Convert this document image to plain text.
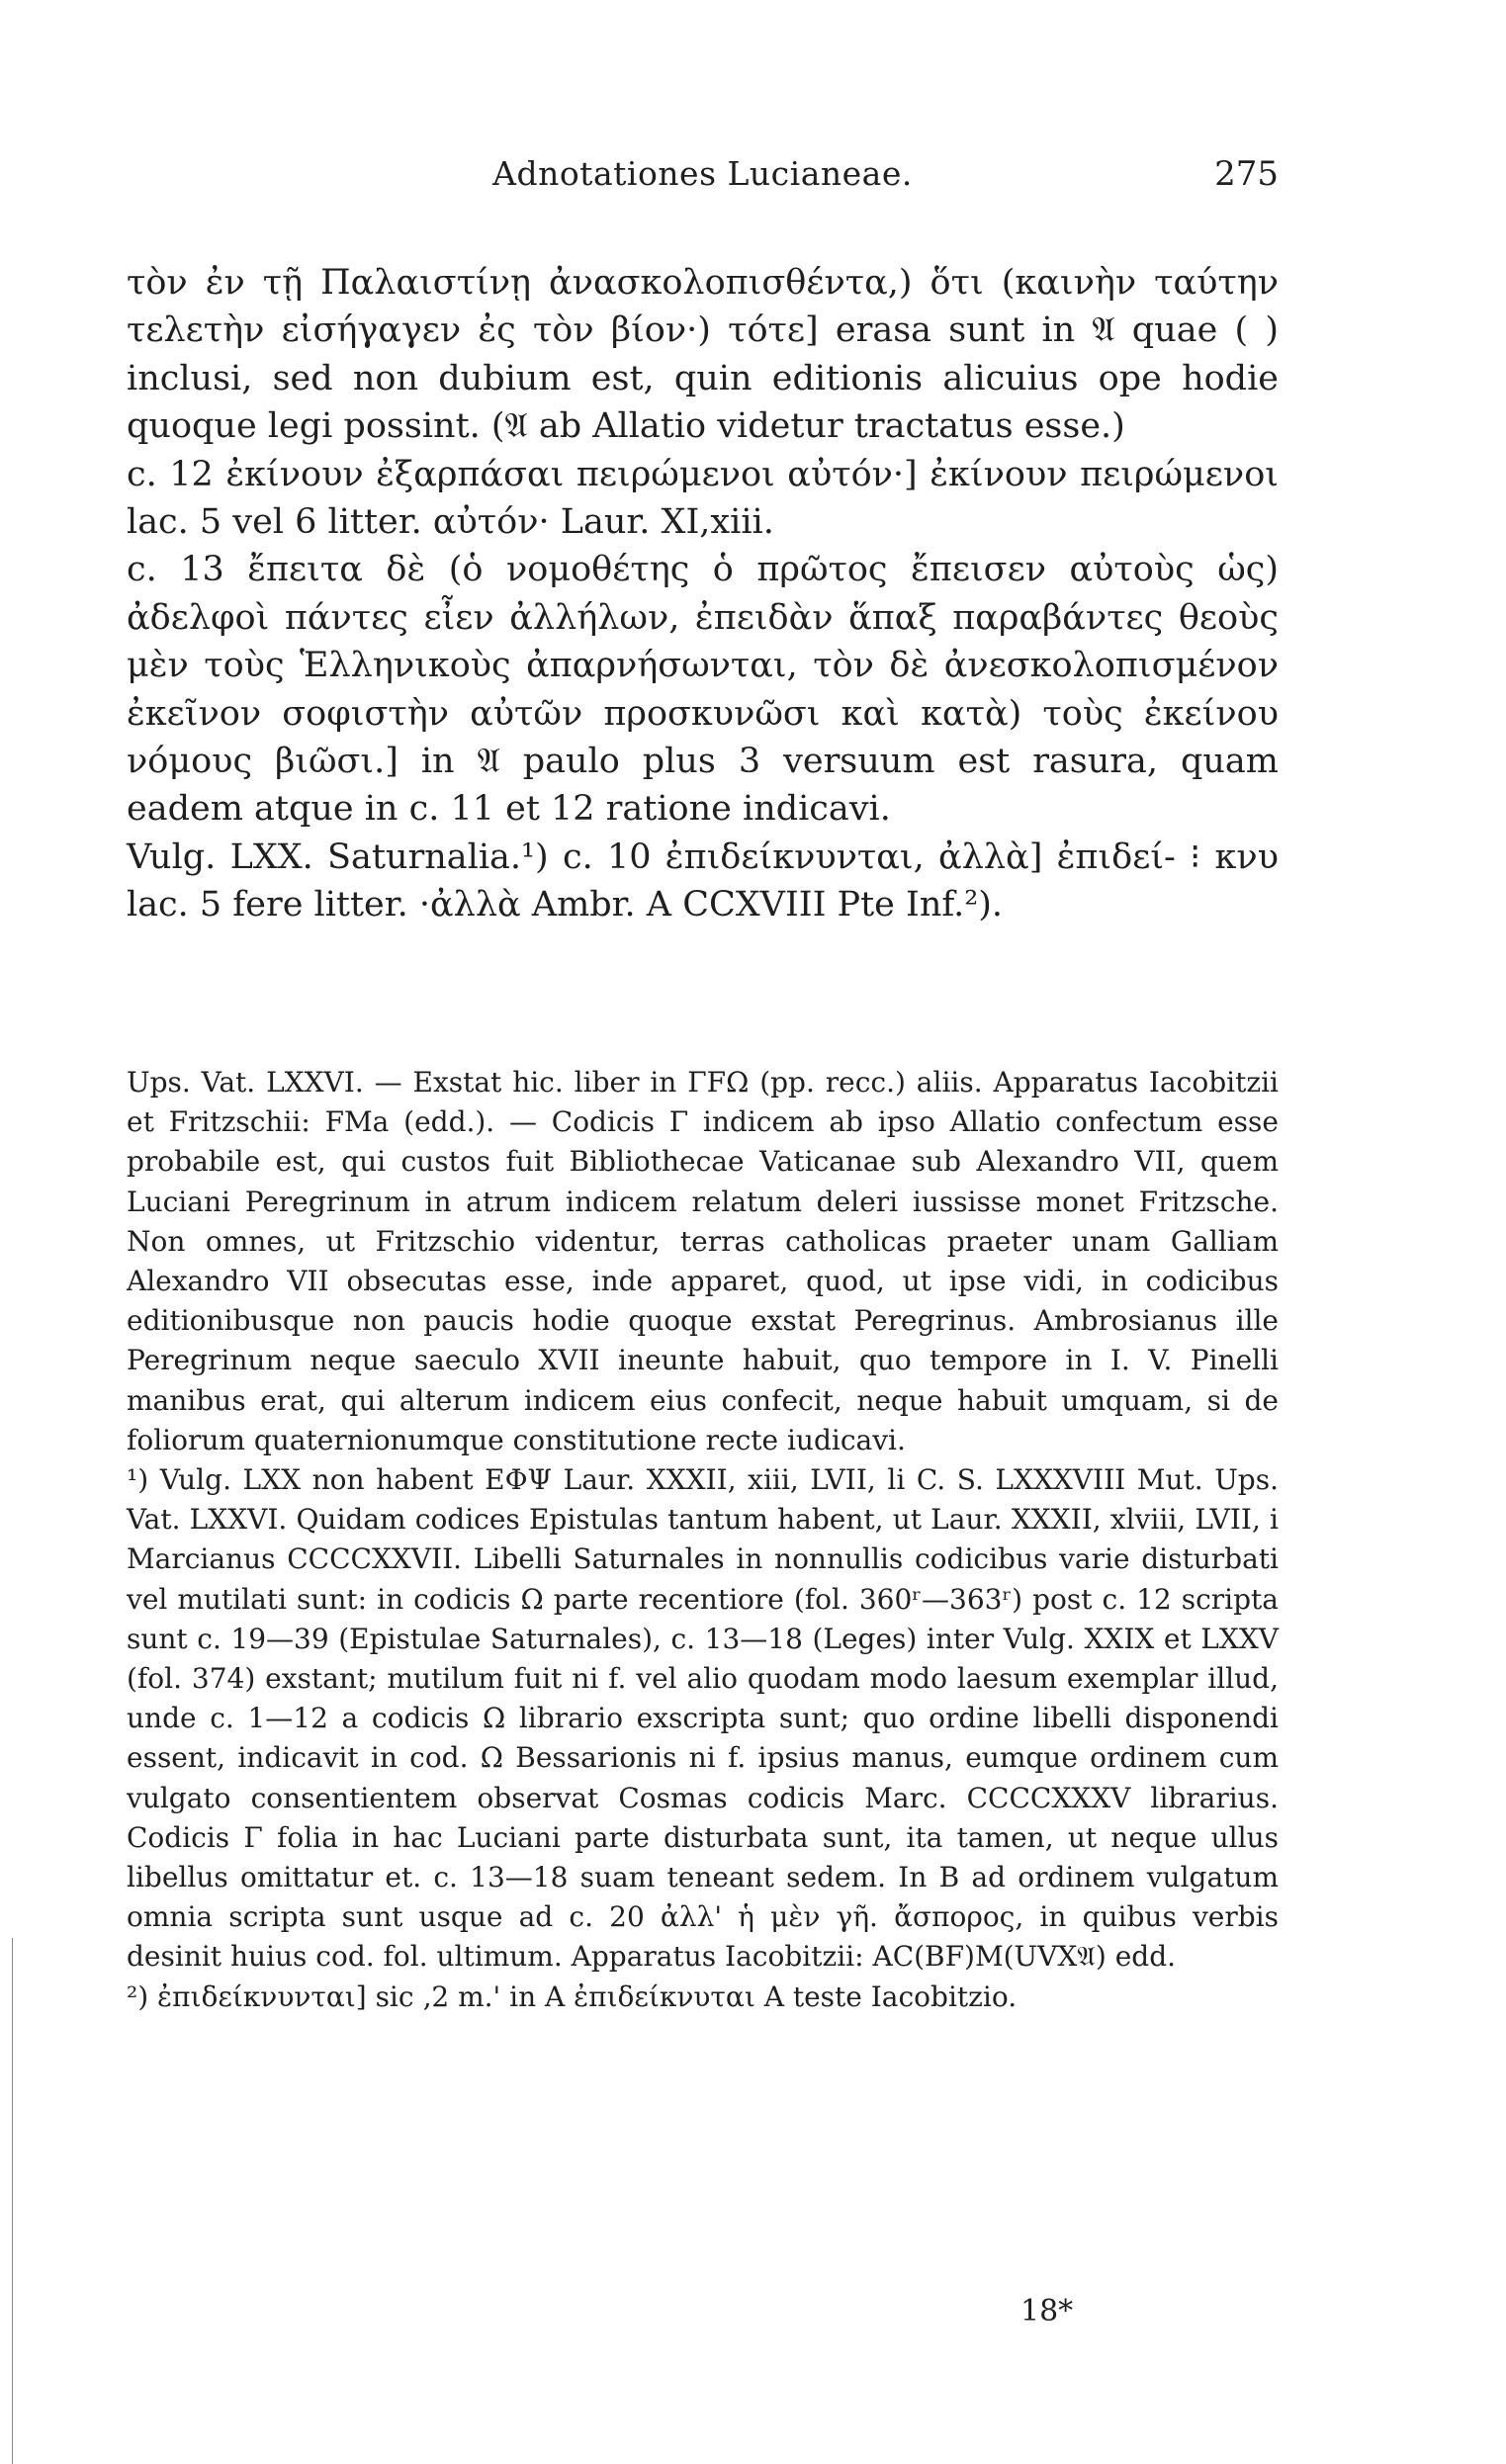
Adnotationes Lucianeae.	275

τὸν ἐν τῇ Παλαιστίνῃ ἀνασκολοπισθέντα,) ὅτι (καινὴν ταύτην τελετὴν εἰσήγαγεν ἐς τὸν βίον·) τότε] erasa sunt in 𝔄 quae ( ) inclusi, sed non dubium est, quin editionis alicuius ope hodie quoque legi possint. (𝔄 ab Allatio videtur tractatus esse.)

c. 12 ἐκίνουν ἐξαρπάσαι πειρώμενοι αὐτόν·] ἐκίνουν πειρώμενοι lac. 5 vel 6 litter. αὐτόν· Laur. XI,xiii.

c. 13 ἔπειτα δὲ (ὁ νομοθέτης ὁ πρῶτος ἔπεισεν αὐτοὺς ὡς) ἀδελφοὶ πάντες εἶεν ἀλλήλων, ἐπειδὰν ἅπαξ παραβάντες θεοὺς μὲν τοὺς Ἑλληνικοὺς ἀπαρνήσωνται, τὸν δὲ ἀνεσκολοπισμένον ἐκεῖνον σοφιστὴν αὐτῶν προσκυνῶσι καὶ κατὰ) τοὺς ἐκείνου νόμους βιῶσι.] in 𝔄 paulo plus 3 versuum est rasura, quam eadem atque in c. 11 et 12 ratione indicavi.

Vulg. LXX. Saturnalia.¹) c. 10 ἐπιδείκνυνται, ἀλλὰ] ἐπιδεί- ⁝ κνυ lac. 5 fere litter. ·ἀλλὰ Ambr. A CCXVIII Pte Inf.²).

Ups. Vat. LXXVI. — Exstat hic. liber in ΓFΩ (pp. recc.) aliis. Apparatus Iacobitzii et Fritzschii: FMa (edd.). — Codicis Γ indicem ab ipso Allatio confectum esse probabile est, qui custos fuit Bibliothecae Vaticanae sub Alexandro VII, quem Luciani Peregrinum in atrum indicem relatum deleri iussisse monet Fritzsche. Non omnes, ut Fritzschio videntur, terras catholicas praeter unam Galliam Alexandro VII obsecutas esse, inde apparet, quod, ut ipse vidi, in codicibus editionibusque non paucis hodie quoque exstat Peregrinus. Ambrosianus ille Peregrinum neque saeculo XVII ineunte habuit, quo tempore in I. V. Pinelli manibus erat, qui alterum indicem eius confecit, neque habuit umquam, si de foliorum quaternionumque constitutione recte iudicavi.

¹) Vulg. LXX non habent EΦΨ Laur. XXXII, xiii, LVII, li C. S. LXXXVIII Mut. Ups. Vat. LXXVI. Quidam codices Epistulas tantum habent, ut Laur. XXXII, xlviii, LVII, i Marcianus CCCCXXVII. Libelli Saturnales in nonnullis codicibus varie disturbati vel mutilati sunt: in codicis Ω parte recentiore (fol. 360ʳ—363ʳ) post c. 12 scripta sunt c. 19—39 (Epistulae Saturnales), c. 13—18 (Leges) inter Vulg. XXIX et LXXV (fol. 374) exstant; mutilum fuit ni f. vel alio quodam modo laesum exemplar illud, unde c. 1—12 a codicis Ω librario exscripta sunt; quo ordine libelli disponendi essent, indicavit in cod. Ω Bessarionis ni f. ipsius manus, eumque ordinem cum vulgato consentientem observat Cosmas codicis Marc. CCCCXXXV librarius. Codicis Γ folia in hac Luciani parte disturbata sunt, ita tamen, ut neque ullus libellus omittatur et. c. 13—18 suam teneant sedem. In B ad ordinem vulgatum omnia scripta sunt usque ad c. 20 ἀλλ' ἡ μὲν γῆ. ἄσπορος, in quibus verbis desinit huius cod. fol. ultimum. Apparatus Iacobitzii: AC(BF)M(UVX𝔄) edd.

²) ἐπιδείκνυνται] sic ‚2 m.' in A ἐπιδείκνυται A teste Iacobitzio.

18*
